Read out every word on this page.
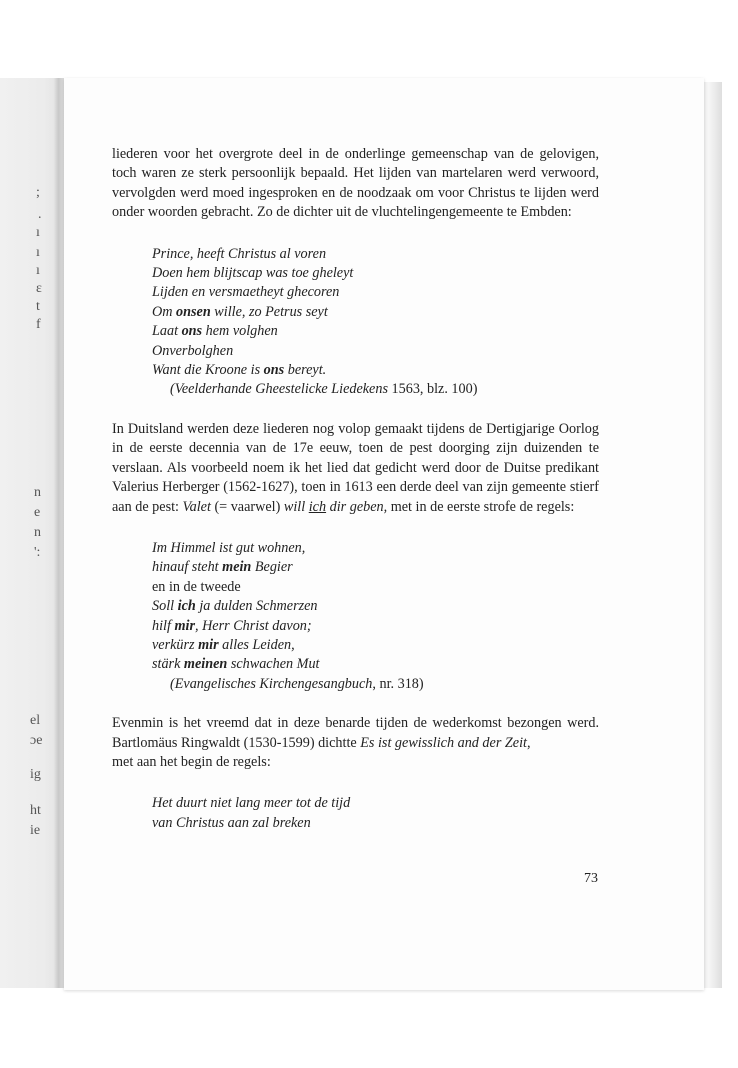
;
.
ı
ı
ı
ɛ
t
f
n
e
n
':
el
ɔe
ig
ht
ie

liederen voor het overgrote deel in de onderlinge gemeenschap van de gelovigen, toch waren ze sterk persoonlijk bepaald. Het lijden van martelaren werd verwoord, vervolgden werd moed ingesproken en de noodzaak om voor Christus te lijden werd onder woorden gebracht. Zo de dichter uit de vluchtelingengemeente te Embden:

Prince, heeft Christus al voren
Doen hem blijtscap was toe gheleyt
Lijden en versmaetheyt ghecoren
Om onsen wille, zo Petrus seyt
Laat ons hem volghen
Onverbolghen
Want die Kroone is ons bereyt.
(Veelderhande Gheestelicke Liedekens 1563, blz. 100)

In Duitsland werden deze liederen nog volop gemaakt tijdens de Dertigjarige Oorlog in de eerste decennia van de 17e eeuw, toen de pest doorging zijn duizenden te verslaan. Als voorbeeld noem ik het lied dat gedicht werd door de Duitse predikant Valerius Herberger (1562-1627), toen in 1613 een derde deel van zijn gemeente stierf aan de pest: Valet (= vaarwel) will ich dir geben, met in de eerste strofe de regels:

Im Himmel ist gut wohnen,
hinauf steht mein Begier
en in de tweede
Soll ich ja dulden Schmerzen
hilf mir, Herr Christ davon;
verkürz mir alles Leiden,
stärk meinen schwachen Mut
(Evangelisches Kirchengesangbuch, nr. 318)

Evenmin is het vreemd dat in deze benarde tijden de wederkomst bezongen werd. Bartlomäus Ringwaldt (1530-1599) dichtte Es ist gewisslich and der Zeit,

met aan het begin de regels:

Het duurt niet lang meer tot de tijd
van Christus aan zal breken
73
